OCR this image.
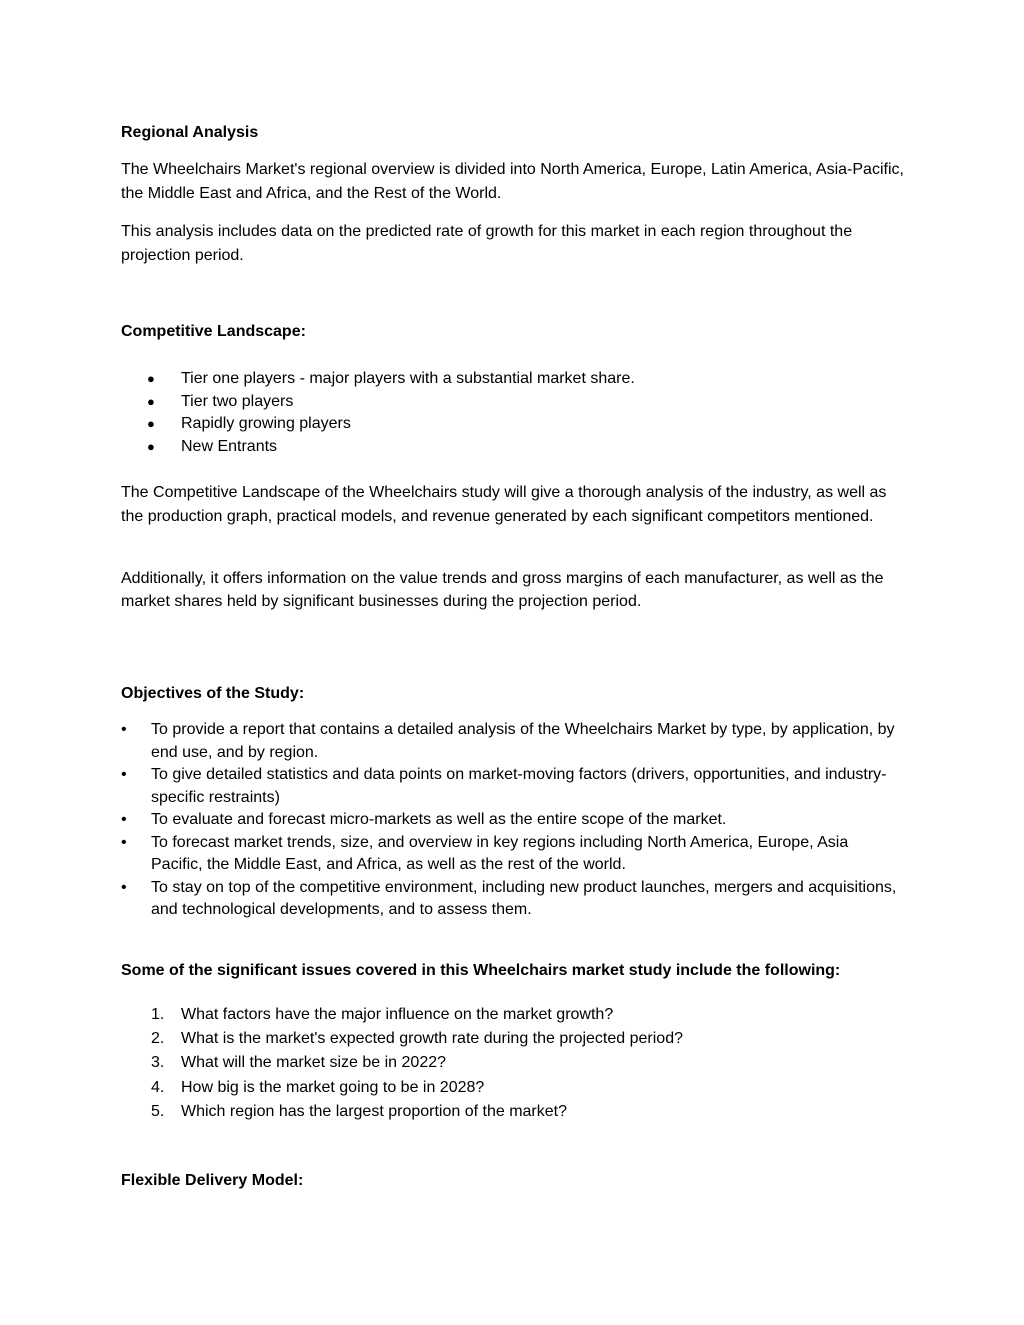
Regional Analysis
The Wheelchairs Market's regional overview is divided into North America, Europe, Latin America, Asia-Pacific, the Middle East and Africa, and the Rest of the World.
This analysis includes data on the predicted rate of growth for this market in each region throughout the projection period.
Competitive Landscape:
● Tier one players - major players with a substantial market share.
● Tier two players
● Rapidly growing players
● New Entrants
The Competitive Landscape of the Wheelchairs study will give a thorough analysis of the industry, as well as the production graph, practical models, and revenue generated by each significant competitors mentioned.
Additionally, it offers information on the value trends and gross margins of each manufacturer, as well as the market shares held by significant businesses during the projection period.
Objectives of the Study:
• To provide a report that contains a detailed analysis of the Wheelchairs Market by type, by application, by end use, and by region.
• To give detailed statistics and data points on market-moving factors (drivers, opportunities, and industry-specific restraints)
• To evaluate and forecast micro-markets as well as the entire scope of the market.
• To forecast market trends, size, and overview in key regions including North America, Europe, Asia Pacific, the Middle East, and Africa, as well as the rest of the world.
• To stay on top of the competitive environment, including new product launches, mergers and acquisitions, and technological developments, and to assess them.
Some of the significant issues covered in this Wheelchairs market study include the following:
1. What factors have the major influence on the market growth?
2. What is the market's expected growth rate during the projected period?
3. What will the market size be in 2022?
4. How big is the market going to be in 2028?
5. Which region has the largest proportion of the market?
Flexible Delivery Model:
